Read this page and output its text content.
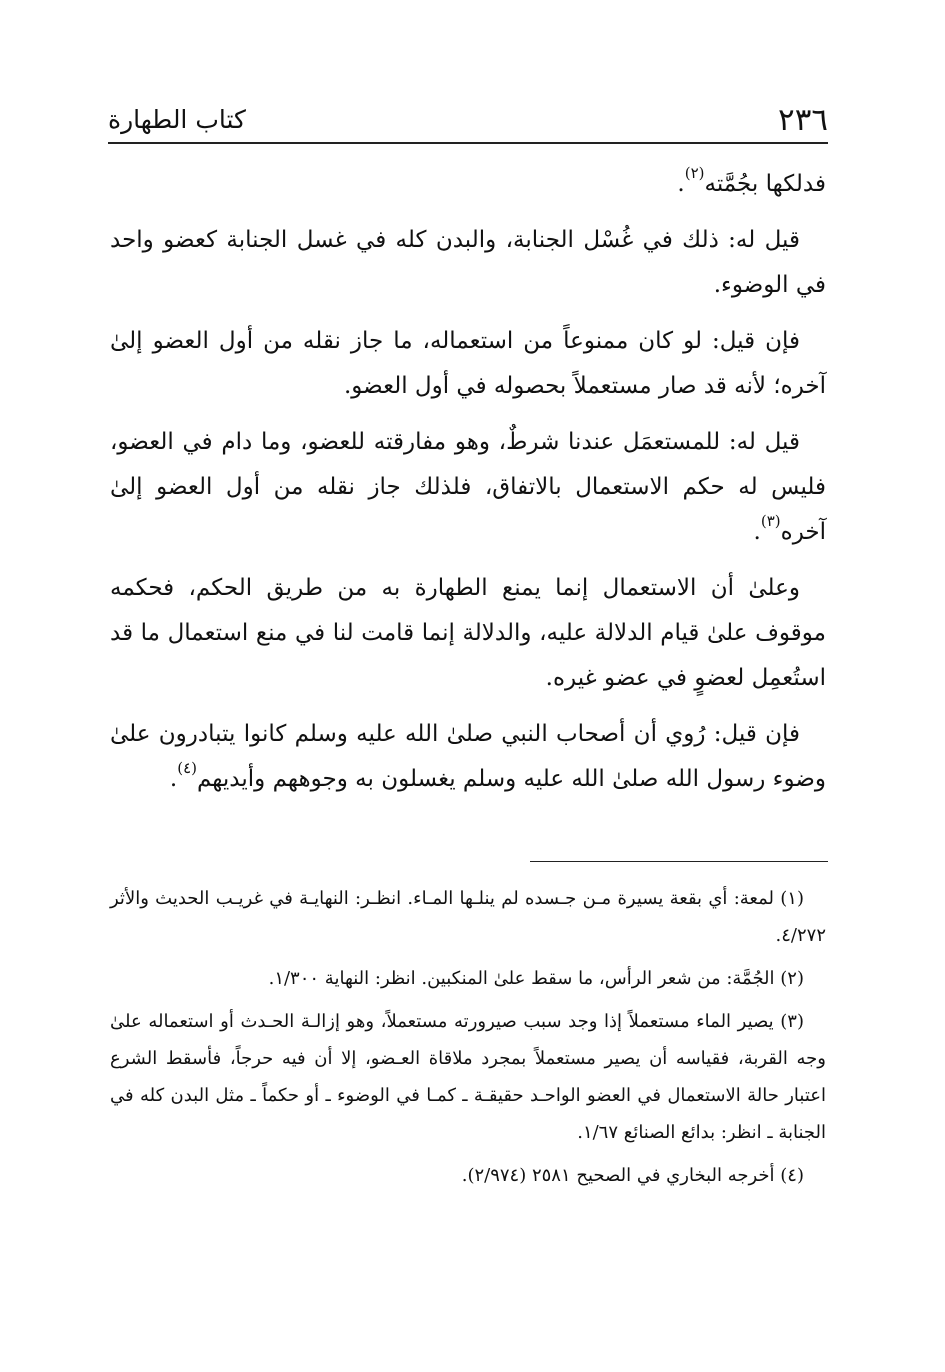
٢٣٦
كتاب الطهارة

فدلكها بجُمَّته$^{(٢)}$.

قيل له: ذلك في غُسْل الجنابة، والبدن كله في غسل الجنابة كعضو واحد في الوضوء.

فإن قيل: لو كان ممنوعاً من استعماله، ما جاز نقله من أول العضو إلىٰ آخره؛ لأنه قد صار مستعملاً بحصوله في أول العضو.

قيل له: للمستعمَل عندنا شرطٌ، وهو مفارقته للعضو، وما دام في العضو، فليس له حكم الاستعمال بالاتفاق، فلذلك جاز نقله من أول العضو إلىٰ آخره$^{(٣)}$.

وعلىٰ أن الاستعمال إنما يمنع الطهارة به من طريق الحكم، فحكمه موقوف علىٰ قيام الدلالة عليه، والدلالة إنما قامت لنا في منع استعمال ما قد استُعمِل لعضوٍ في عضو غيره.

فإن قيل: رُوي أن أصحاب النبي صلىٰ الله عليه وسلم كانوا يتبادرون علىٰ وضوء رسول الله صلىٰ الله عليه وسلم يغسلون به وجوههم وأيديهم$^{(٤)}$.

(١) لمعة: أي بقعة يسيرة مـن جـسده لم ينلـها المـاء. انظـر: النهايـة في غريـب الحديث والأثر ٤/٢٧٢.

(٢) الجُمَّة: من شعر الرأس، ما سقط علىٰ المنكبين. انظر: النهاية ١/٣٠٠.

(٣) يصير الماء مستعملاً إذا وجد سبب صيرورته مستعملاً، وهو إزالـة الحـدث أو استعماله علىٰ وجه القربة، فقياسه أن يصير مستعملاً بمجرد ملاقاة العـضو، إلا أن فيه حرجاً، فأسقط الشرع اعتبار حالة الاستعمال في العضو الواحـد حقيقـة ـ كمـا في الوضوء ـ أو حكماً ـ مثل البدن كله في الجنابة ـ انظر: بدائع الصنائع ١/٦٧.

(٤) أخرجه البخاري في الصحيح ٢٥٨١ (٢/٩٧٤).
